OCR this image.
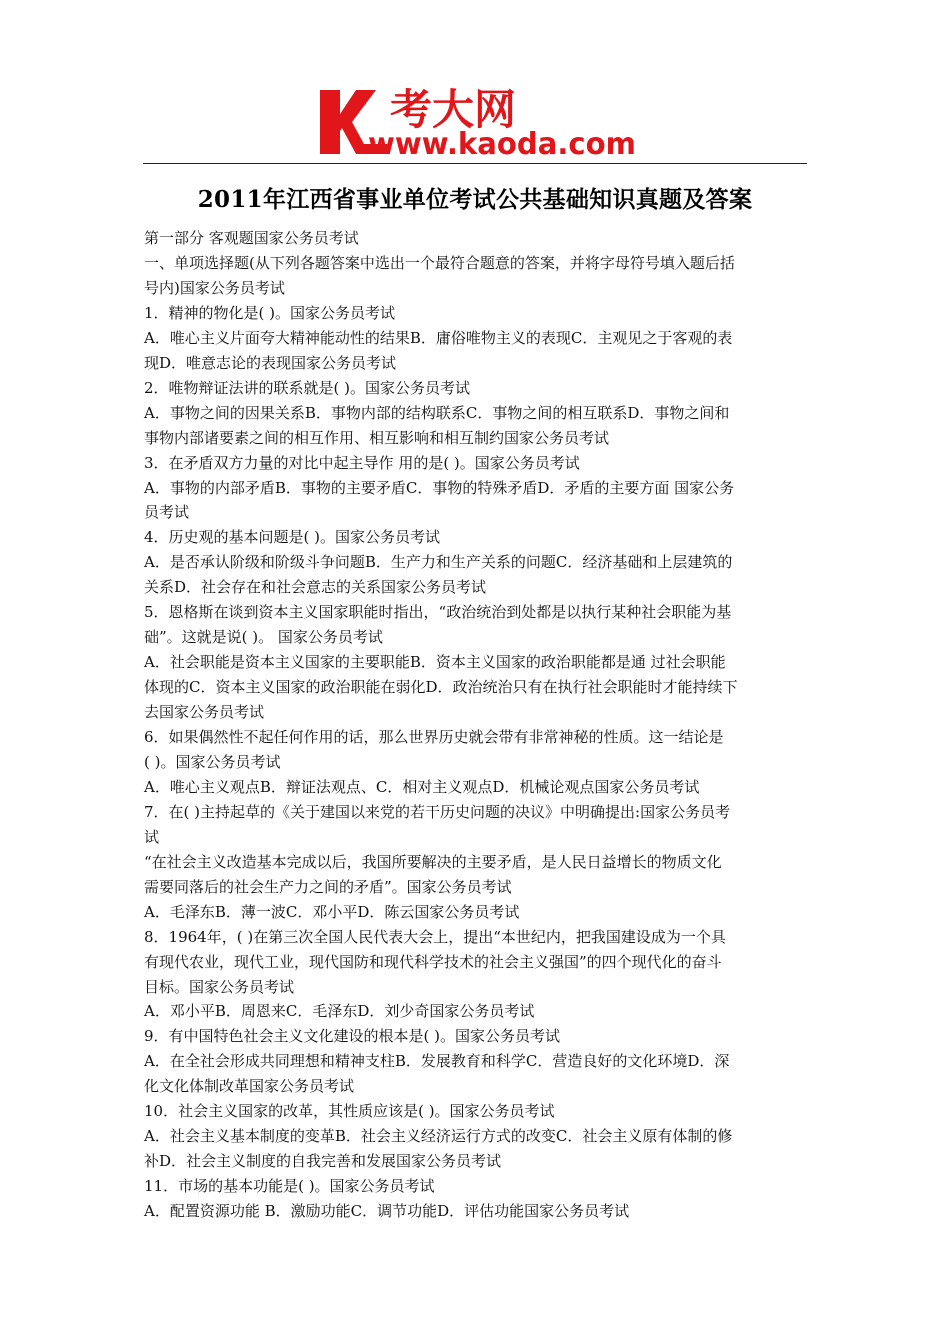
考大网
www.kaoda.com
2011年江西省事业单位考试公共基础知识真题及答案
第一部分 客观题国家公务员考试
一、单项选择题(从下列各题答案中选出一个最符合题意的答案，并将字母符号填入题后括
号内)国家公务员考试
1．精神的物化是( )。国家公务员考试
A．唯心主义片面夸大精神能动性的结果B．庸俗唯物主义的表现C．主观见之于客观的表
现D．唯意志论的表现国家公务员考试
2．唯物辩证法讲的联系就是( )。国家公务员考试
A．事物之间的因果关系B．事物内部的结构联系C．事物之间的相互联系D．事物之间和
事物内部诸要素之间的相互作用、相互影响和相互制约国家公务员考试
3．在矛盾双方力量的对比中起主导作 用的是( )。国家公务员考试
A．事物的内部矛盾B．事物的主要矛盾C．事物的特殊矛盾D．矛盾的主要方面 国家公务
员考试
4．历史观的基本问题是( )。国家公务员考试
A．是否承认阶级和阶级斗争问题B．生产力和生产关系的问题C．经济基础和上层建筑的
关系D．社会存在和社会意志的关系国家公务员考试
5．恩格斯在谈到资本主义国家职能时指出，“政治统治到处都是以执行某种社会职能为基
础”。这就是说( )。 国家公务员考试
A．社会职能是资本主义国家的主要职能B．资本主义国家的政治职能都是通 过社会职能
体现的C．资本主义国家的政治职能在弱化D．政治统治只有在执行社会职能时才能持续下
去国家公务员考试
6．如果偶然性不起任何作用的话，那么世界历史就会带有非常神秘的性质。这一结论是
( )。国家公务员考试
A．唯心主义观点B．辩证法观点、C．相对主义观点D．机械论观点国家公务员考试
7．在( )主持起草的《关于建国以来党的若干历史问题的决议》中明确提出:国家公务员考
试
“在社会主义改造基本完成以后，我国所要解决的主要矛盾，是人民日益增长的物质文化
需要同落后的社会生产力之间的矛盾”。国家公务员考试
A．毛泽东B．薄一波C．邓小平D．陈云国家公务员考试
8．1964年，( )在第三次全国人民代表大会上，提出“本世纪内，把我国建设成为一个具
有现代农业，现代工业，现代国防和现代科学技术的社会主义强国”的四个现代化的奋斗
目标。国家公务员考试
A．邓小平B．周恩来C．毛泽东D．刘少奇国家公务员考试
9．有中国特色社会主义文化建设的根本是( )。国家公务员考试
A．在全社会形成共同理想和精神支柱B．发展教育和科学C．营造良好的文化环境D．深
化文化体制改革国家公务员考试
10．社会主义国家的改革，其性质应该是( )。国家公务员考试
A．社会主义基本制度的变革B．社会主义经济运行方式的改变C．社会主义原有体制的修
补D．社会主义制度的自我完善和发展国家公务员考试
11．市场的基本功能是( )。国家公务员考试
A．配置资源功能 B．激励功能C．调节功能D．评估功能国家公务员考试
